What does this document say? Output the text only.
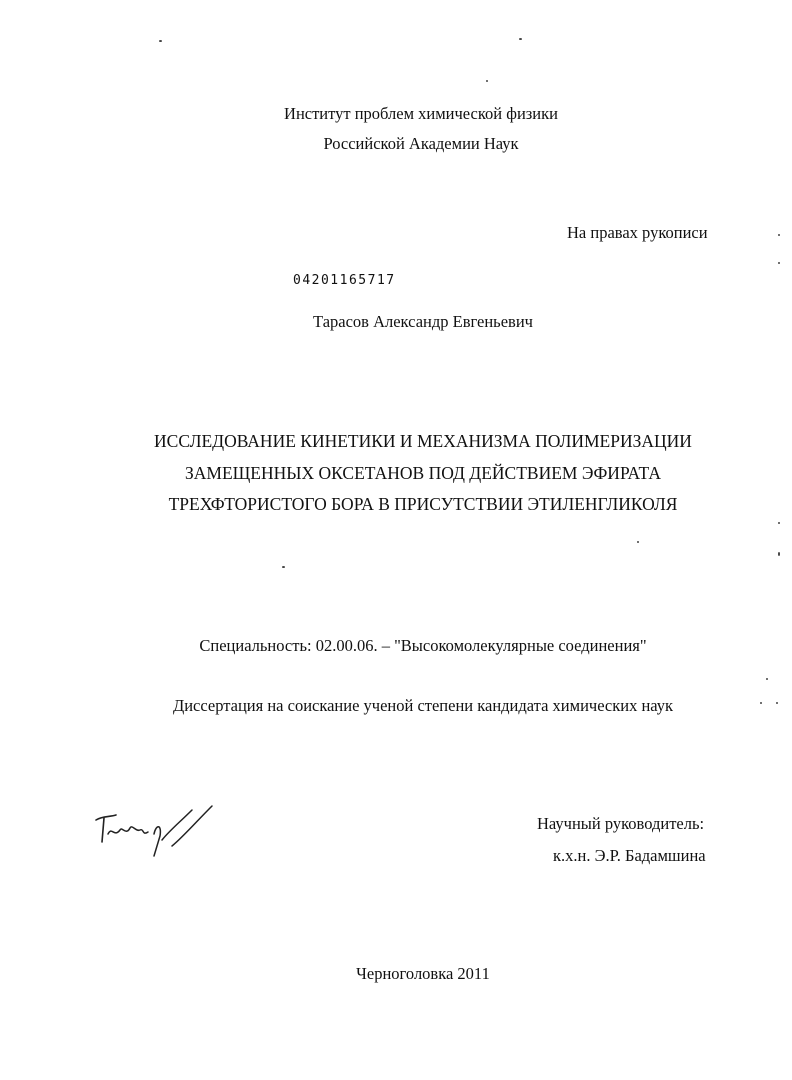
Институт проблем химической физики
Российской Академии Наук
На правах рукописи
04201165717
Тарасов Александр Евгеньевич
ИССЛЕДОВАНИЕ КИНЕТИКИ И МЕХАНИЗМА ПОЛИМЕРИЗАЦИИ
ЗАМЕЩЕННЫХ ОКСЕТАНОВ ПОД ДЕЙСТВИЕМ ЭФИРАТА
ТРЕХФТОРИСТОГО БОРА В ПРИСУТСТВИИ ЭТИЛЕНГЛИКОЛЯ
Специальность: 02.00.06. – "Высокомолекулярные соединения"
Диссертация на соискание ученой степени кандидата химических наук
Научный руководитель:
к.х.н. Э.Р. Бадамшина
Черноголовка 2011
